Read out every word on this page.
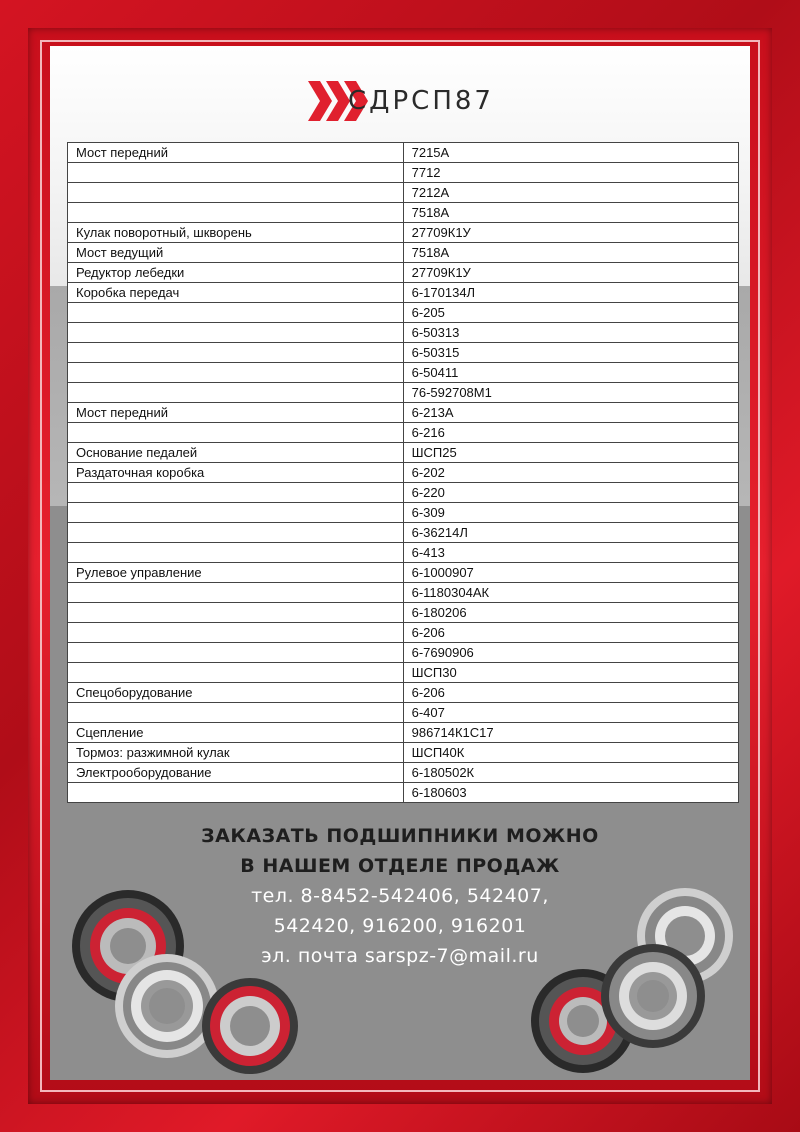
СДРСП87
Мост передний	7215А
	7712
	7212А
	7518А
Кулак поворотный, шкворень	27709К1У
Мост ведущий	7518А
Редуктор лебедки	27709К1У
Коробка передач	6-170134Л
	6-205
	6-50313
	6-50315
	6-50411
	76-592708М1
Мост передний	6-213А
	6-216
Основание педалей	ШСП25
Раздаточная коробка	6-202
	6-220
	6-309
	6-36214Л
	6-413
Рулевое управление	6-1000907
	6-1180304АК
	6-180206
	6-206
	6-7690906
	ШСП30
Спецоборудование	6-206
	6-407
Сцепление	986714К1С17
Тормоз: разжимной кулак	ШСП40К
Электрооборудование	6-180502К
	6-180603
ЗАКАЗАТЬ ПОДШИПНИКИ МОЖНО
В НАШЕМ ОТДЕЛЕ ПРОДАЖ
тел. 8-8452-542406, 542407,
542420, 916200, 916201
эл. почта sarspz-7@mail.ru
